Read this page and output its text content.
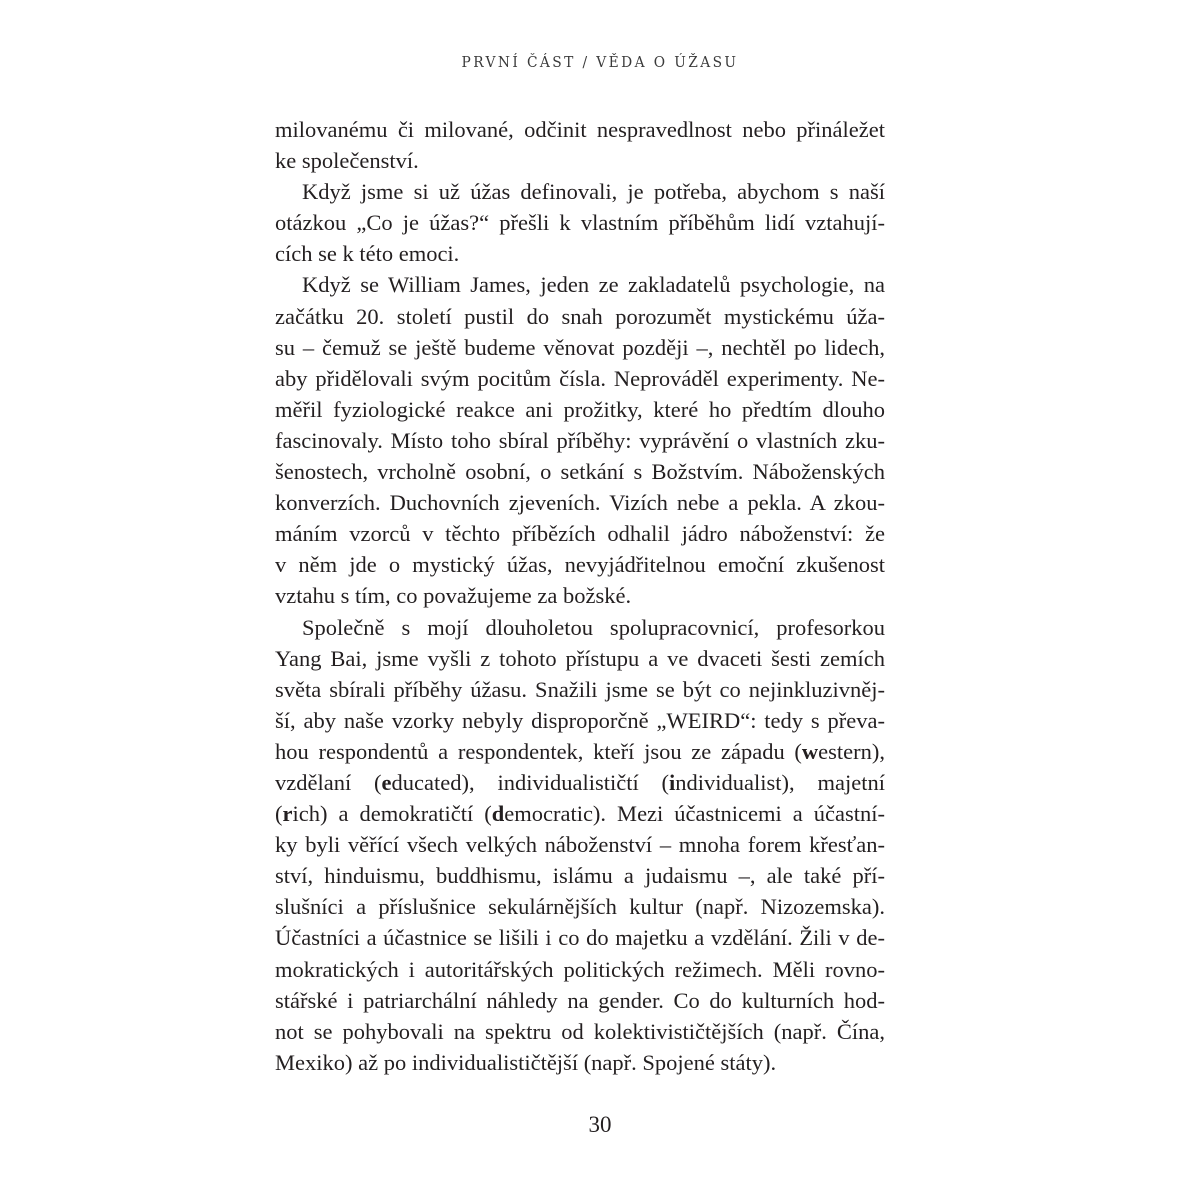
PRVNÍ ČÁST / VĚDA O ÚŽASU
milovanému či milované, odčinit nespravedlnost nebo přináležet
ke společenství.
Když jsme si už úžas definovali, je potřeba, abychom s naší
otázkou „Co je úžas?“ přešli k vlastním příběhům lidí vztahují-
cích se k této emoci.
Když se William James, jeden ze zakladatelů psychologie, na
začátku 20. století pustil do snah porozumět mystickému úža-
su – čemuž se ještě budeme věnovat později –, nechtěl po lidech,
aby přidělovali svým pocitům čísla. Neprováděl experimenty. Ne-
měřil fyziologické reakce ani prožitky, které ho předtím dlouho
fascinovaly. Místo toho sbíral příběhy: vyprávění o vlastních zku-
šenostech, vrcholně osobní, o setkání s Božstvím. Náboženských
konverzích. Duchovních zjeveních. Vizích nebe a pekla. A zkou-
máním vzorců v těchto příbězích odhalil jádro náboženství: že
v něm jde o mystický úžas, nevyjádřitelnou emoční zkušenost
vztahu s tím, co považujeme za božské.
Společně s mojí dlouholetou spolupracovnicí, profesorkou
Yang Bai, jsme vyšli z tohoto přístupu a ve dvaceti šesti zemích
světa sbírali příběhy úžasu. Snažili jsme se být co nejinkluzivněj-
ší, aby naše vzorky nebyly disproporčně „WEIRD“: tedy s převa-
hou respondentů a respondentek, kteří jsou ze západu (western),
vzdělaní (educated), individualističtí (individualist), majetní
(rich) a demokratičtí (democratic). Mezi účastnicemi a účastní-
ky byli věřící všech velkých náboženství – mnoha forem křesťan-
ství, hinduismu, buddhismu, islámu a judaismu –, ale také pří-
slušníci a příslušnice sekulárnějších kultur (např. Nizozemska).
Účastníci a účastnice se lišili i co do majetku a vzdělání. Žili v de-
mokratických i autoritářských politických režimech. Měli rovno-
stářské i patriarchální náhledy na gender. Co do kulturních hod-
not se pohybovali na spektru od kolektivističtějších (např. Čína,
Mexiko) až po individualističtější (např. Spojené státy).
30
